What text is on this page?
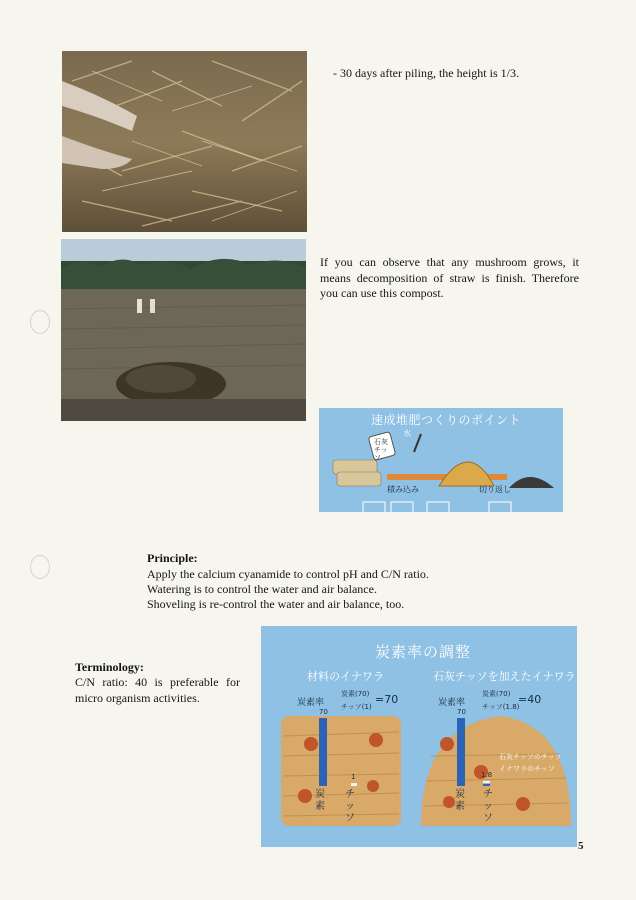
- 30 days after piling, the height is 1/3.
If you can observe that any mushroom grows, it means decomposition of straw is finish. Therefore you can use this compost.
速成堆肥つくりのポイント
石灰チッソ
水
積み込み	切り返し
Principle:
Apply the calcium cyanamide to control pH and C/N ratio.
Watering is to control the water and air balance.
Shoveling is re-control the water and air balance, too.
Terminology:
C/N ratio: 40 is preferable for micro organism activities.
炭素率の調整
材料のイナワラ	石灰チッソを加えたイナワラ
炭素率
炭素(70)
チッソ(1)
=70	炭素率
炭素(70)
チッソ(1.8)
=40
70
1
70
1.8
炭素
チッソ
炭素
チッソ
石灰チッソのチッソ
イナワラのチッソ
5
